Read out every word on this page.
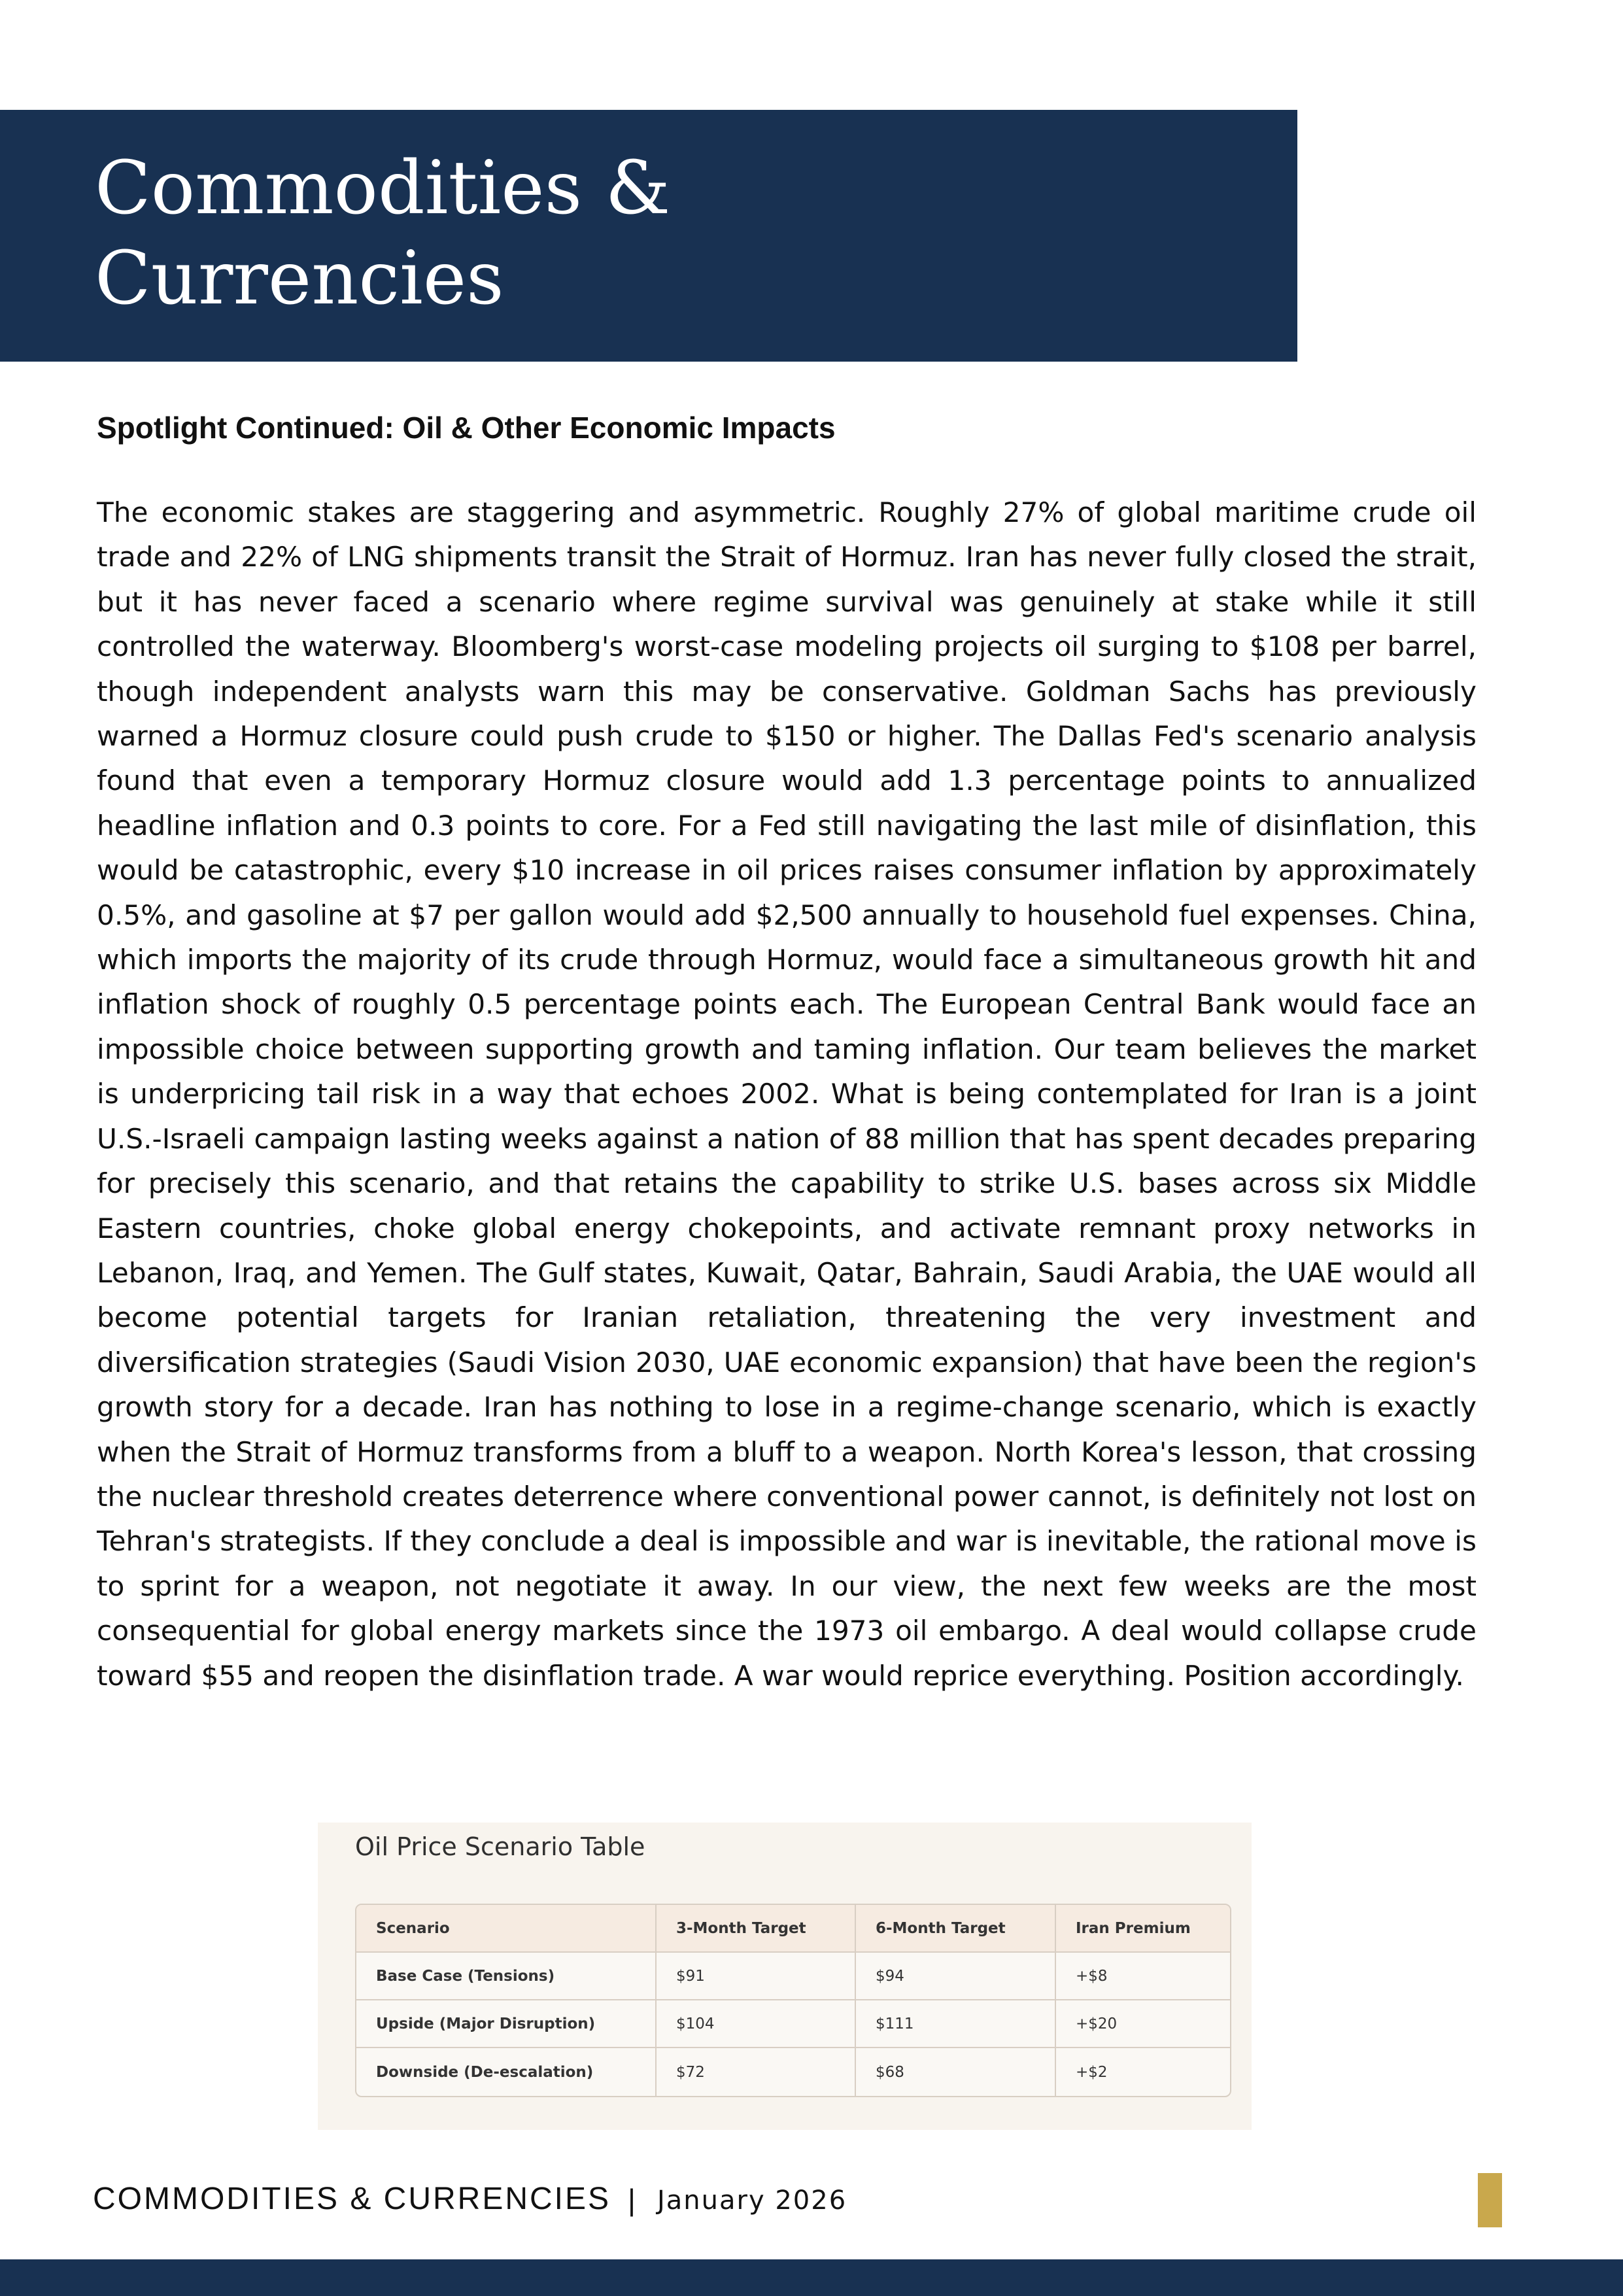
Commodities &
Currencies
Spotlight Continued: Oil & Other Economic Impacts

The economic stakes are staggering and asymmetric. Roughly 27% of global maritime crude oil trade and 22% of LNG shipments transit the Strait of Hormuz. Iran has never fully closed the strait, but it has never faced a scenario where regime survival was genuinely at stake while it still controlled the waterway. Bloomberg's worst-case modeling projects oil surging to $108 per barrel, though independent analysts warn this may be conservative. Goldman Sachs has previously warned a Hormuz closure could push crude to $150 or higher. The Dallas Fed's scenario analysis found that even a temporary Hormuz closure would add 1.3 percentage points to annualized headline inflation and 0.3 points to core. For a Fed still navigating the last mile of disinflation, this would be catastrophic, every $10 increase in oil prices raises consumer inflation by approximately 0.5%, and gasoline at $7 per gallon would add $2,500 annually to household fuel expenses. China, which imports the majority of its crude through Hormuz, would face a simultaneous growth hit and inflation shock of roughly 0.5 percentage points each. The European Central Bank would face an impossible choice between supporting growth and taming inflation. Our team believes the market is underpricing tail risk in a way that echoes 2002. What is being contemplated for Iran is a joint U.S.-Israeli campaign lasting weeks against a nation of 88 million that has spent decades preparing for precisely this scenario, and that retains the capability to strike U.S. bases across six Middle Eastern countries, choke global energy chokepoints, and activate remnant proxy networks in Lebanon, Iraq, and Yemen. The Gulf states, Kuwait, Qatar, Bahrain, Saudi Arabia, the UAE would all become potential targets for Iranian retaliation, threatening the very investment and diversification strategies (Saudi Vision 2030, UAE economic expansion) that have been the region's growth story for a decade. Iran has nothing to lose in a regime-change scenario, which is exactly when the Strait of Hormuz transforms from a bluff to a weapon. North Korea's lesson, that crossing the nuclear threshold creates deterrence where conventional power cannot, is definitely not lost on Tehran's strategists. If they conclude a deal is impossible and war is inevitable, the rational move is to sprint for a weapon, not negotiate it away. In our view, the next few weeks are the most consequential for global energy markets since the 1973 oil embargo. A deal would collapse crude toward $55 and reopen the disinflation trade. A war would reprice everything. Position accordingly.

Oil Price Scenario Table
Scenario	3-Month Target	6-Month Target	Iran Premium
Base Case (Tensions)	$91	$94	+$8
Upside (Major Disruption)	$104	$111	+$20
Downside (De-escalation)	$72	$68	+$2
COMMODITIES & CURRENCIES | January 2026
